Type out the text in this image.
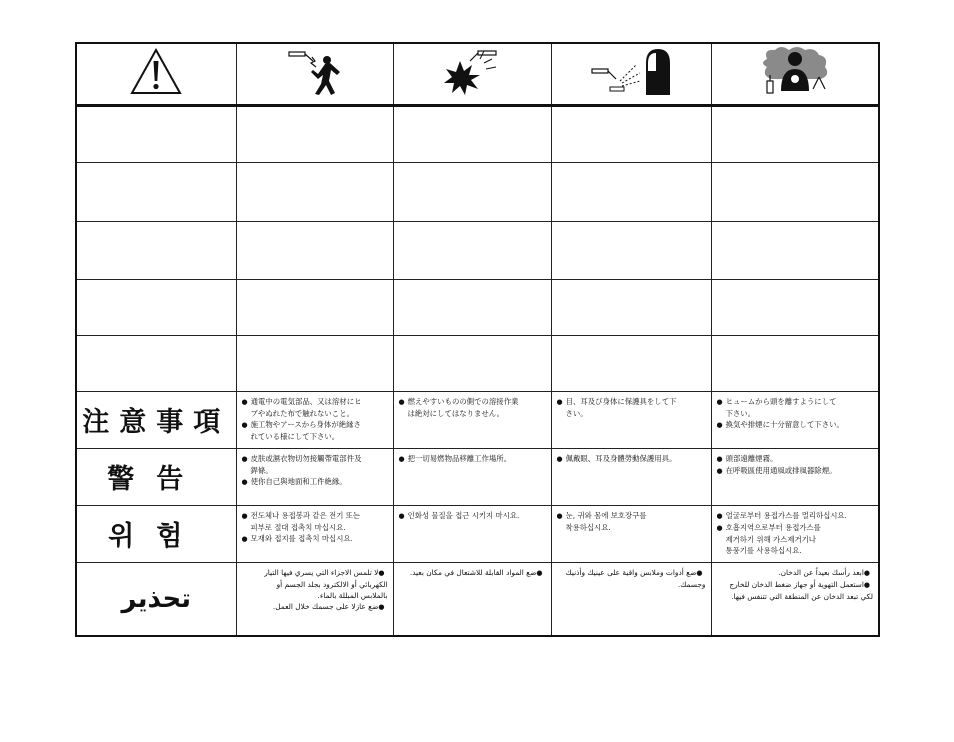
注意事項	● 通電中の電気部品、又は溶材にヒ
ブやぬれた布で触れないこと。
● 施工物やアースから身体が絶縁さ
れている様にして下さい。	● 燃えやすいものの側での溶接作業
は絶対にしてはなりません。	● 目、耳及び身体に保護具をして下
さい。	● ヒュームから頭を離すようにして
下さい。
● 換気や排煙に十分留意して下さい。

警告	● 皮肤或濕衣物切勿接觸帶電部件及
銲條。
● 使你自己與地面和工件絶緣。	● 把一切易燃物品移離工作場所。	● 佩戴眼、耳及身體勞動保護用具。	● 頭部遠離煙霧。
● 在呼吸區使用通風或排風器除煙。

위험	● 전도체나 용접봉과 같은 전기 또는
피부로 절대 접촉치 마십시요.
● 모재와 접지를 접촉치 마십시요.	● 인화성 물질을 접근 시키지 마시요.	● 눈, 귀와 몸에 보호장구를
착용하십시요.	● 얼굴로부터 용접가스를 멀리하십시요.
● 호흡지역으로부터 용접가스를
제거하기 위해 가스제거기나
통풍기를 사용하십시요.

تحذير	● لا تلمس الاجزاء التي يسري فيها التيار
الكهربائي أو الالكترود بجلد الجسم أو
بالملابس المبللة بالماء.
● ضع عازلا على جسمك خلال العمل.	● ضع المواد القابلة للاشتعال في مكان بعيد.	● ضع أدوات وملابس واقية على عينيك وأذنيك
وجسمك.	● ابعد رأسك بعيداً عن الدخان.
● استعمل التهوية أو جهاز ضغط الدخان للخارج
لكي تبعد الدخان عن المنطقة التي تتنفس فيها.
